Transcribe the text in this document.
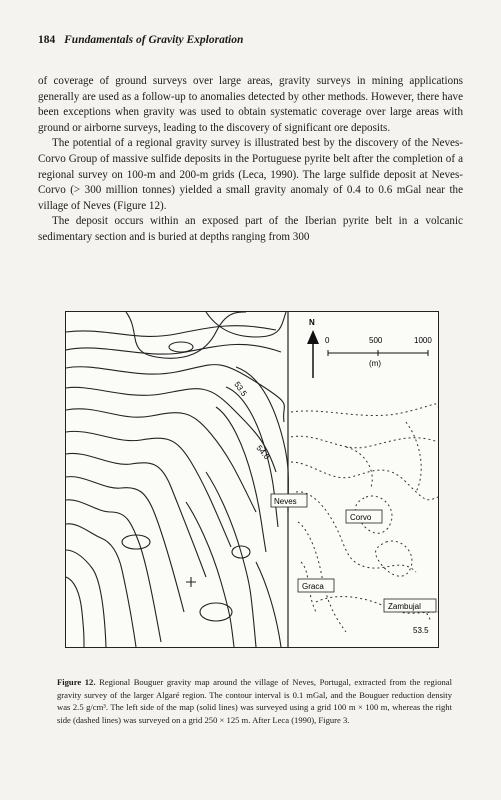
184 Fundamentals of Gravity Exploration

of coverage of ground surveys over large areas, gravity surveys in mining applications generally are used as a follow-up to anomalies detected by other methods. However, there have been exceptions when gravity was used to obtain systematic coverage over large areas with ground or airborne surveys, leading to the discovery of significant ore deposits.

The potential of a regional gravity survey is illustrated best by the discovery of the Neves-Corvo Group of massive sulfide deposits in the Portuguese pyrite belt after the completion of a regional survey on 100-m and 200-m grids (Leca, 1990). The large sulfide deposit at Neves-Corvo (> 300 million tonnes) yielded a small gravity anomaly of 0.4 to 0.6 mGal near the village of Neves (Figure 12).

The deposit occurs within an exposed part of the Iberian pyrite belt in a volcanic sedimentary section and is buried at depths ranging from 300

N
0	500	1000
(m)
Neves
Corvo
Graca
Zambujal
53.5
54.0
53.5
Figure 12. Regional Bouguer gravity map around the village of Neves, Portugal, extracted from the regional gravity survey of the larger Algaré region. The contour interval is 0.1 mGal, and the Bouguer reduction density was 2.5 g/cm³. The left side of the map (solid lines) was surveyed using a grid 100 m × 100 m, whereas the right side (dashed lines) was surveyed on a grid 250 × 125 m. After Leca (1990), Figure 3.
